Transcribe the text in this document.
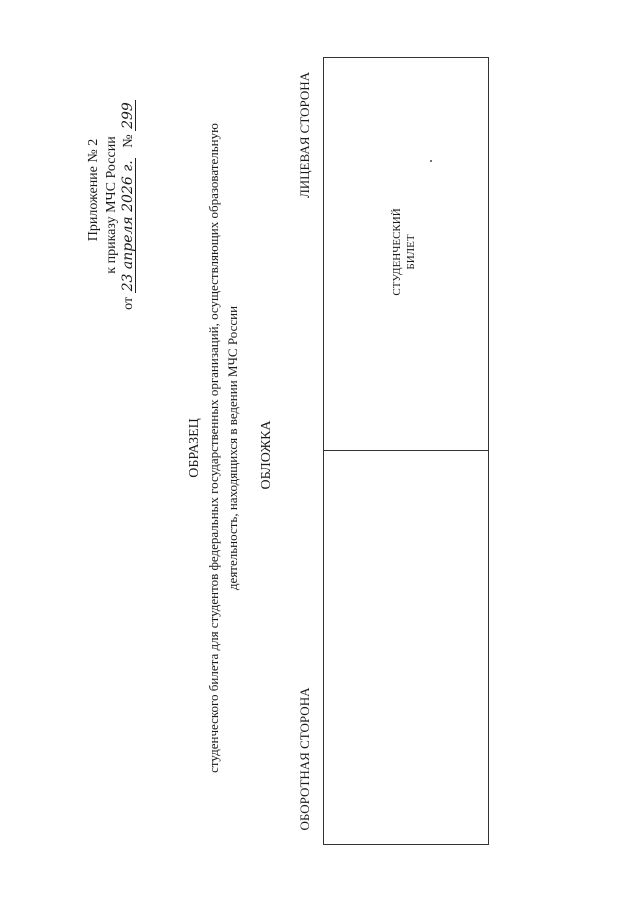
Приложение № 2 к приказу МЧС России
от 23 апреля 2026 г.   № 299
ОБРАЗЕЦ студенческого билета для студентов федеральных государственных организаций, осуществляющих образовательную деятельность, находящихся в ведении МЧС России ОБЛОЖКА
ЛИЦЕВАЯ СТОРОНА
ОБОРОТНАЯ СТОРОНА
СТУДЕНЧЕСКИЙ БИЛЕТ
